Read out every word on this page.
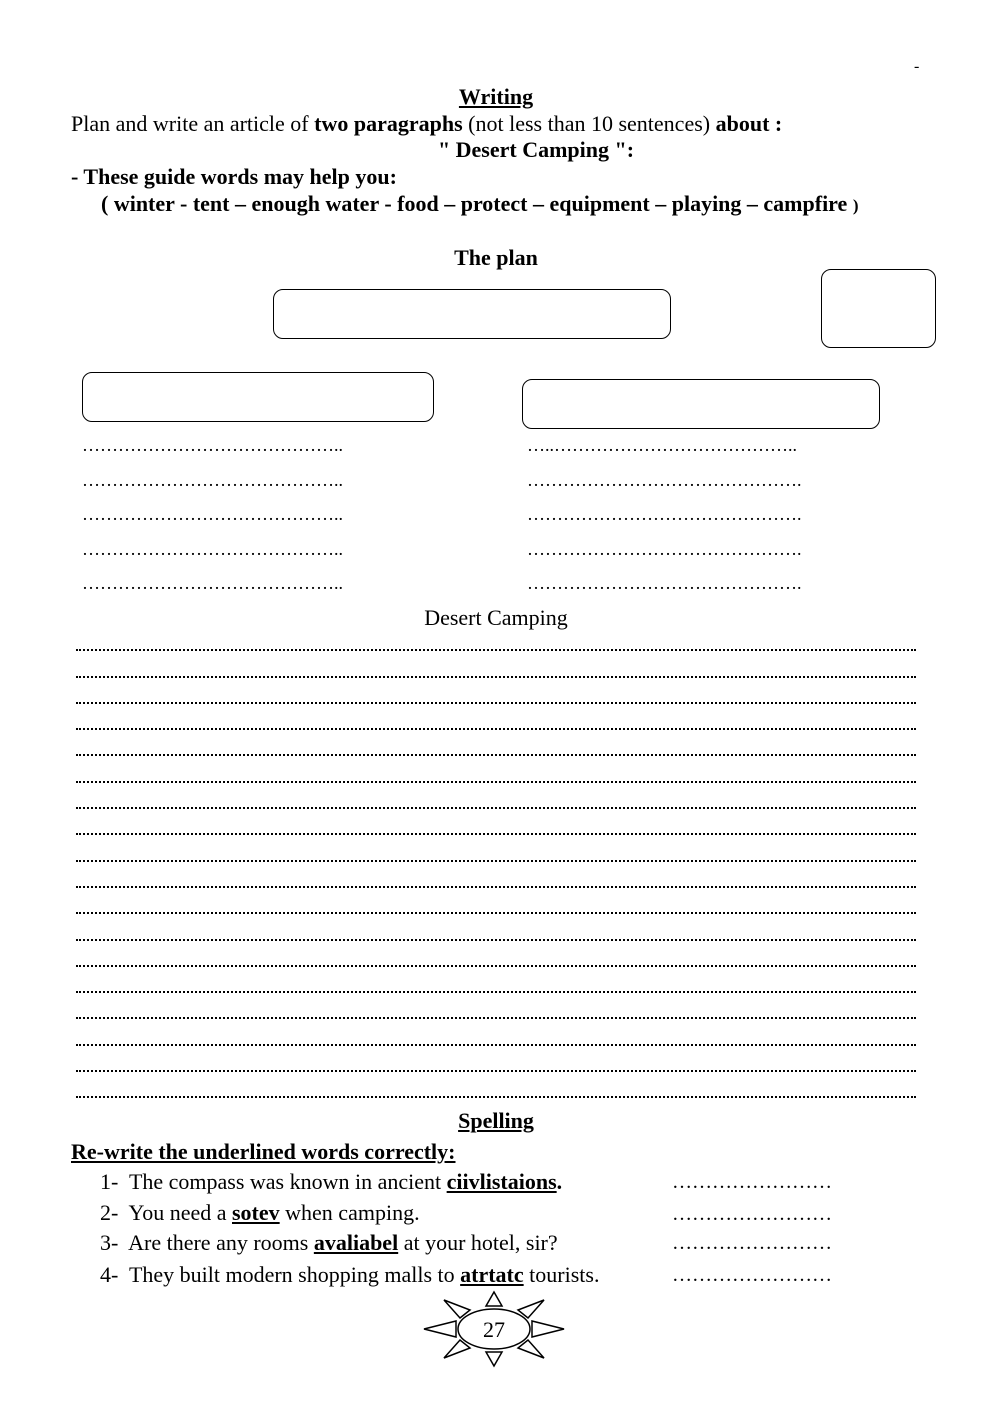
-
Writing
Plan and write an article of two paragraphs (not less than 10 sentences) about :
" Desert Camping ":
- These guide words may help you:
( winter - tent – enough water - food – protect – equipment – playing – campfire )
The plan
……………………………………..
……………………………………..
……………………………………..
……………………………………..
……………………………………..
…..…………………………………..
……………………………………….
……………………………………….
……………………………………….
……………………………………….
Desert Camping
Spelling
Re-write the underlined words correctly:
1- The compass was known in ancient ciivlistaions.	……………………
2- You need a sotev when camping.	……………………
3- Are there any rooms avaliabel at your hotel, sir?	……………………
4- They built modern shopping malls to atrtatc tourists.	……………………
27
